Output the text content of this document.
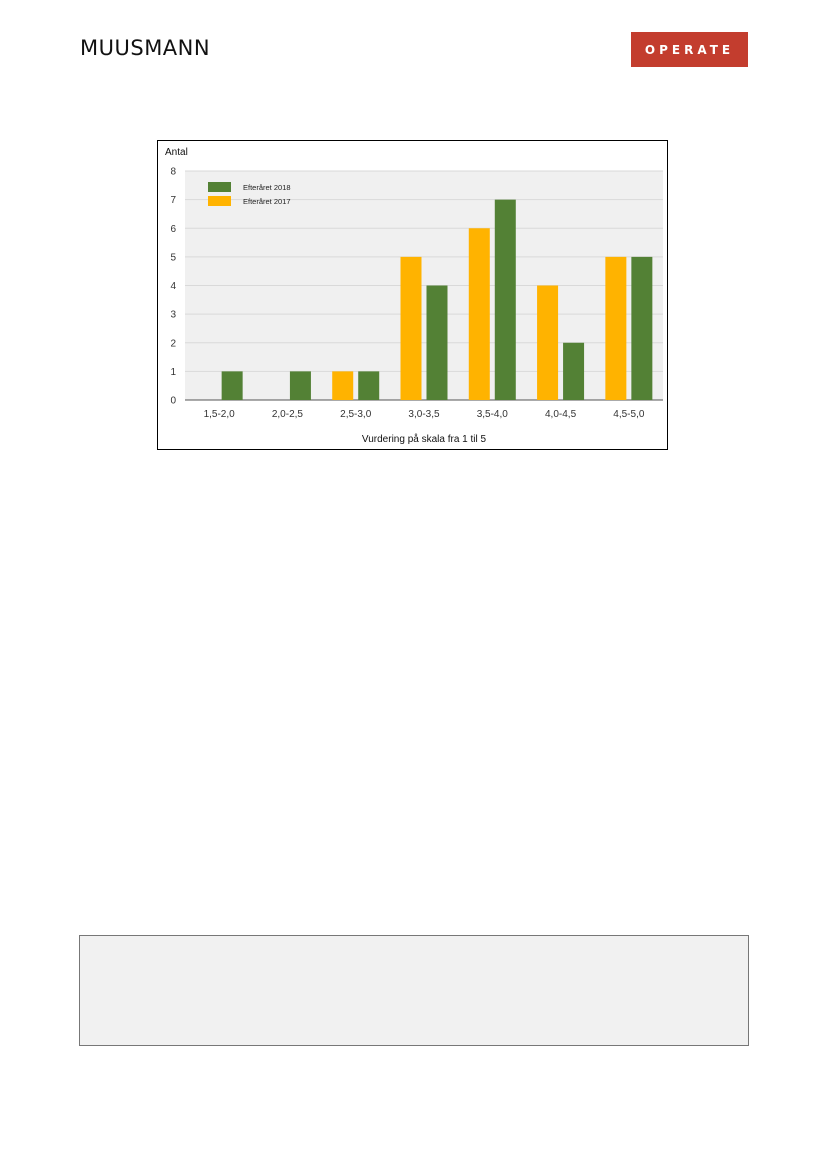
MUUSMANN	OPERATE
0
1
2
3
4
5
6
7
8
Antal
1,5-2,0	2,0-2,5	2,5-3,0	3,0-3,5	3,5-4,0	4,0-4,5	4,5-5,0
Vurdering på skala fra 1 til 5
Efteråret 2018
Efteråret 2017
